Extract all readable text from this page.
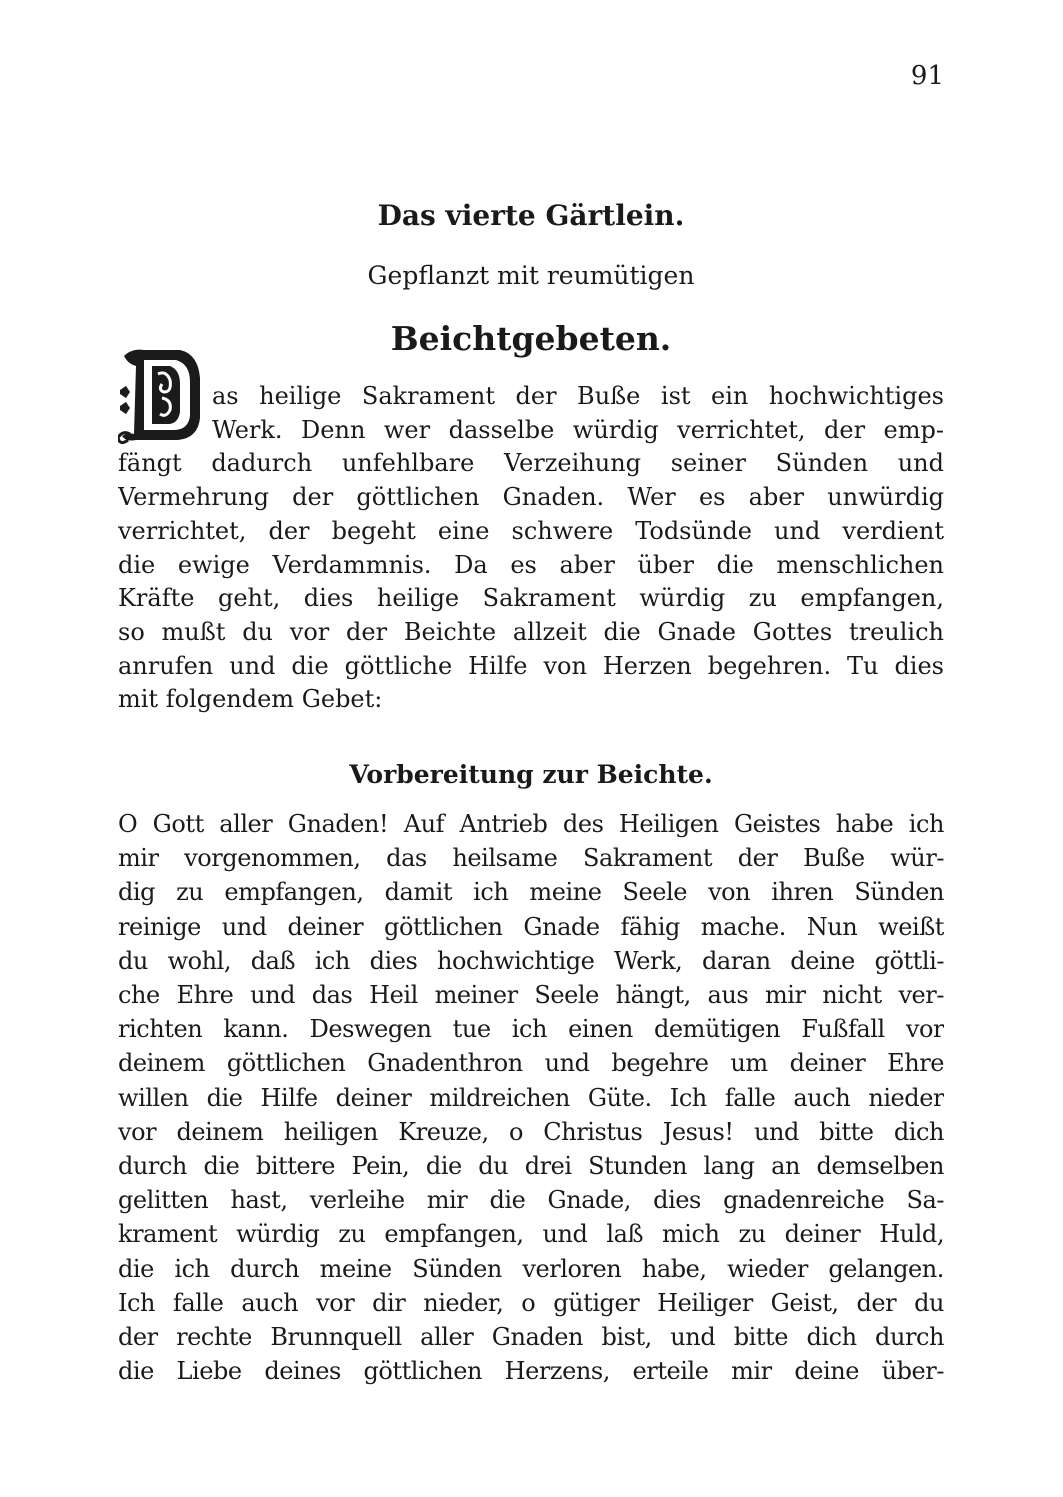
91
Das vierte Gärtlein.
Gepflanzt mit reumütigen
Beichtgebeten.
D	as heilige Sakrament der Buße ist ein hochwichtiges
Werk. Denn wer dasselbe würdig verrichtet, der emp-
fängt dadurch unfehlbare Verzeihung seiner Sünden und
Vermehrung der göttlichen Gnaden. Wer es aber unwürdig
verrichtet, der begeht eine schwere Todsünde und verdient
die ewige Verdammnis. Da es aber über die menschlichen
Kräfte geht, dies heilige Sakrament würdig zu empfangen,
so mußt du vor der Beichte allzeit die Gnade Gottes treulich
anrufen und die göttliche Hilfe von Herzen begehren. Tu dies
mit folgendem Gebet:
Vorbereitung zur Beichte.
O Gott aller Gnaden! Auf Antrieb des Heiligen Geistes habe ich
mir vorgenommen, das heilsame Sakrament der Buße wür-
dig zu empfangen, damit ich meine Seele von ihren Sünden
reinige und deiner göttlichen Gnade fähig mache. Nun weißt
du wohl, daß ich dies hochwichtige Werk, daran deine göttli-
che Ehre und das Heil meiner Seele hängt, aus mir nicht ver-
richten kann. Deswegen tue ich einen demütigen Fußfall vor
deinem göttlichen Gnadenthron und begehre um deiner Ehre
willen die Hilfe deiner mildreichen Güte. Ich falle auch nieder
vor deinem heiligen Kreuze, o Christus Jesus! und bitte dich
durch die bittere Pein, die du drei Stunden lang an demselben
gelitten hast, verleihe mir die Gnade, dies gnadenreiche Sa-
krament würdig zu empfangen, und laß mich zu deiner Huld,
die ich durch meine Sünden verloren habe, wieder gelangen.
Ich falle auch vor dir nieder, o gütiger Heiliger Geist, der du
der rechte Brunnquell aller Gnaden bist, und bitte dich durch
die Liebe deines göttlichen Herzens, erteile mir deine über-
